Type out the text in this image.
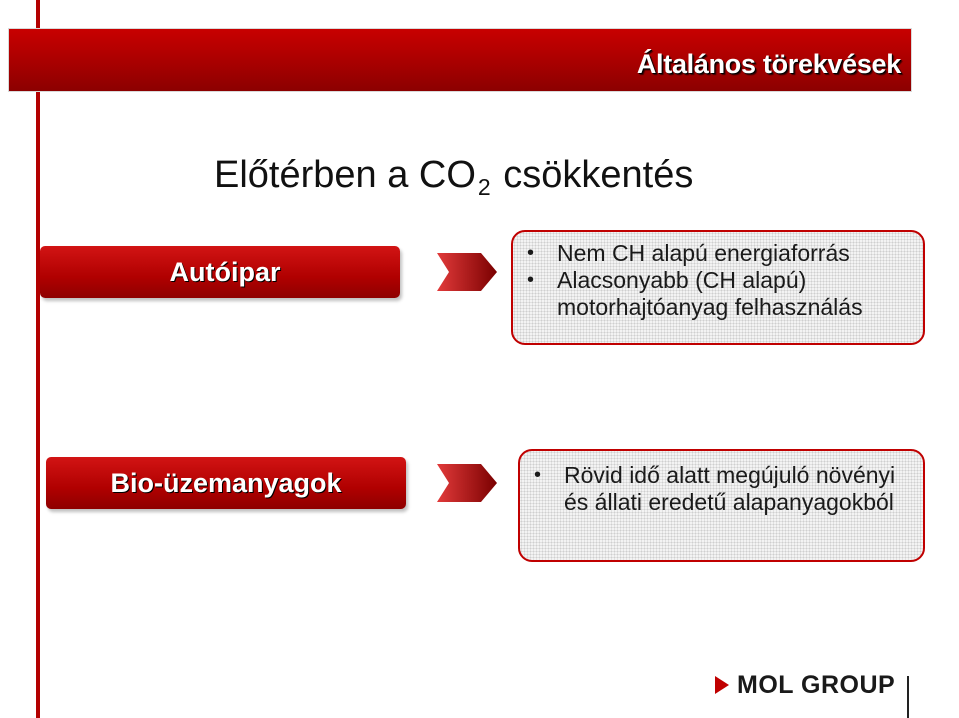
Általános törekvések
Előtérben a $CO_2$ csökkentés
Autóipar
• Nem CH alapú energiaforrás
• Alacsonyabb (CH alapú) motorhajtóanyag felhasználás
Bio-üzemanyagok
•	Rövid idő alatt megújuló növényi és állati eredetű alapanyagokból
MOL GROUP
